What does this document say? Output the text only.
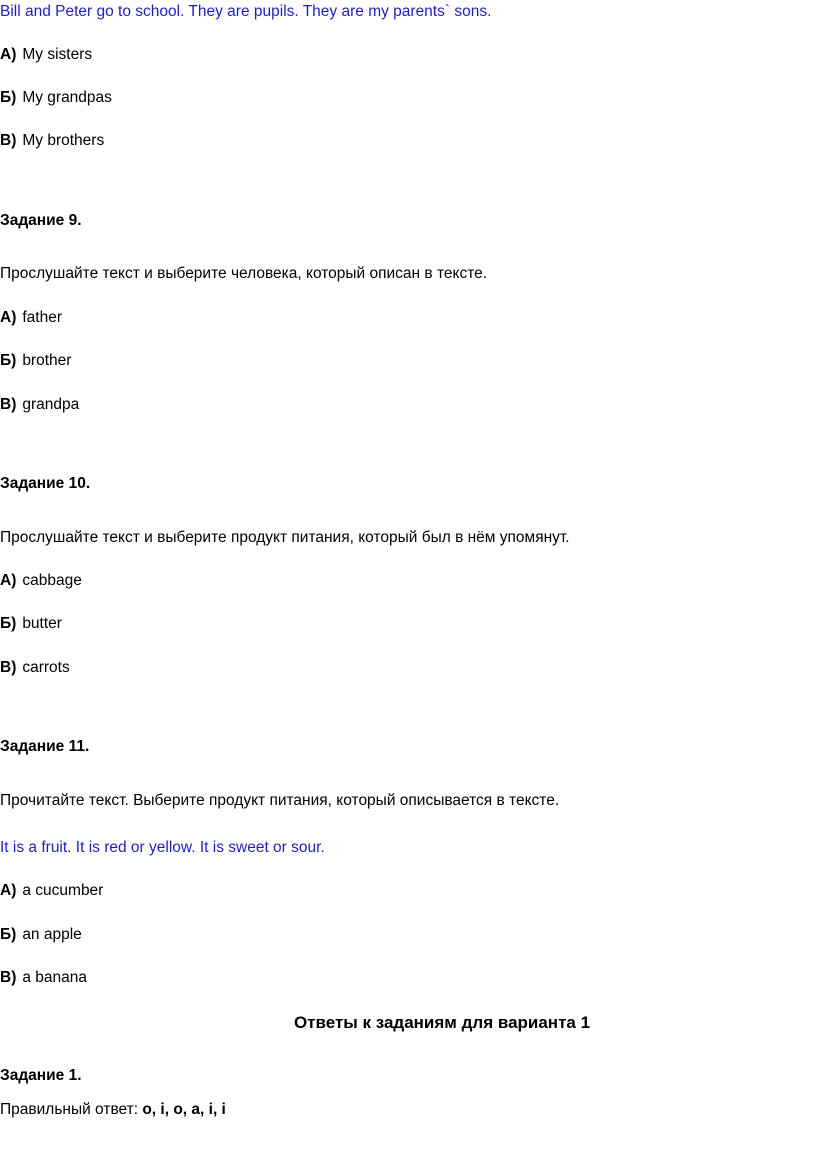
Bill and Peter go to school. They are pupils. They are my parents` sons.
А) My sisters
Б) My grandpas
В) My brothers
Задание 9.
Прослушайте текст и выберите человека, который описан в тексте.
А) father
Б) brother
В) grandpa
Задание 10.
Прослушайте текст и выберите продукт питания, который был в нём упомянут.
А) cabbage
Б) butter
В) carrots
Задание 11.
Прочитайте текст. Выберите продукт питания, который описывается в тексте.
It is a fruit. It is red or yellow. It is sweet or sour.
А) a cucumber
Б) an apple
В) a banana
Ответы к заданиям для варианта 1
Задание 1.
Правильный ответ: o, i, o, a, i, i
